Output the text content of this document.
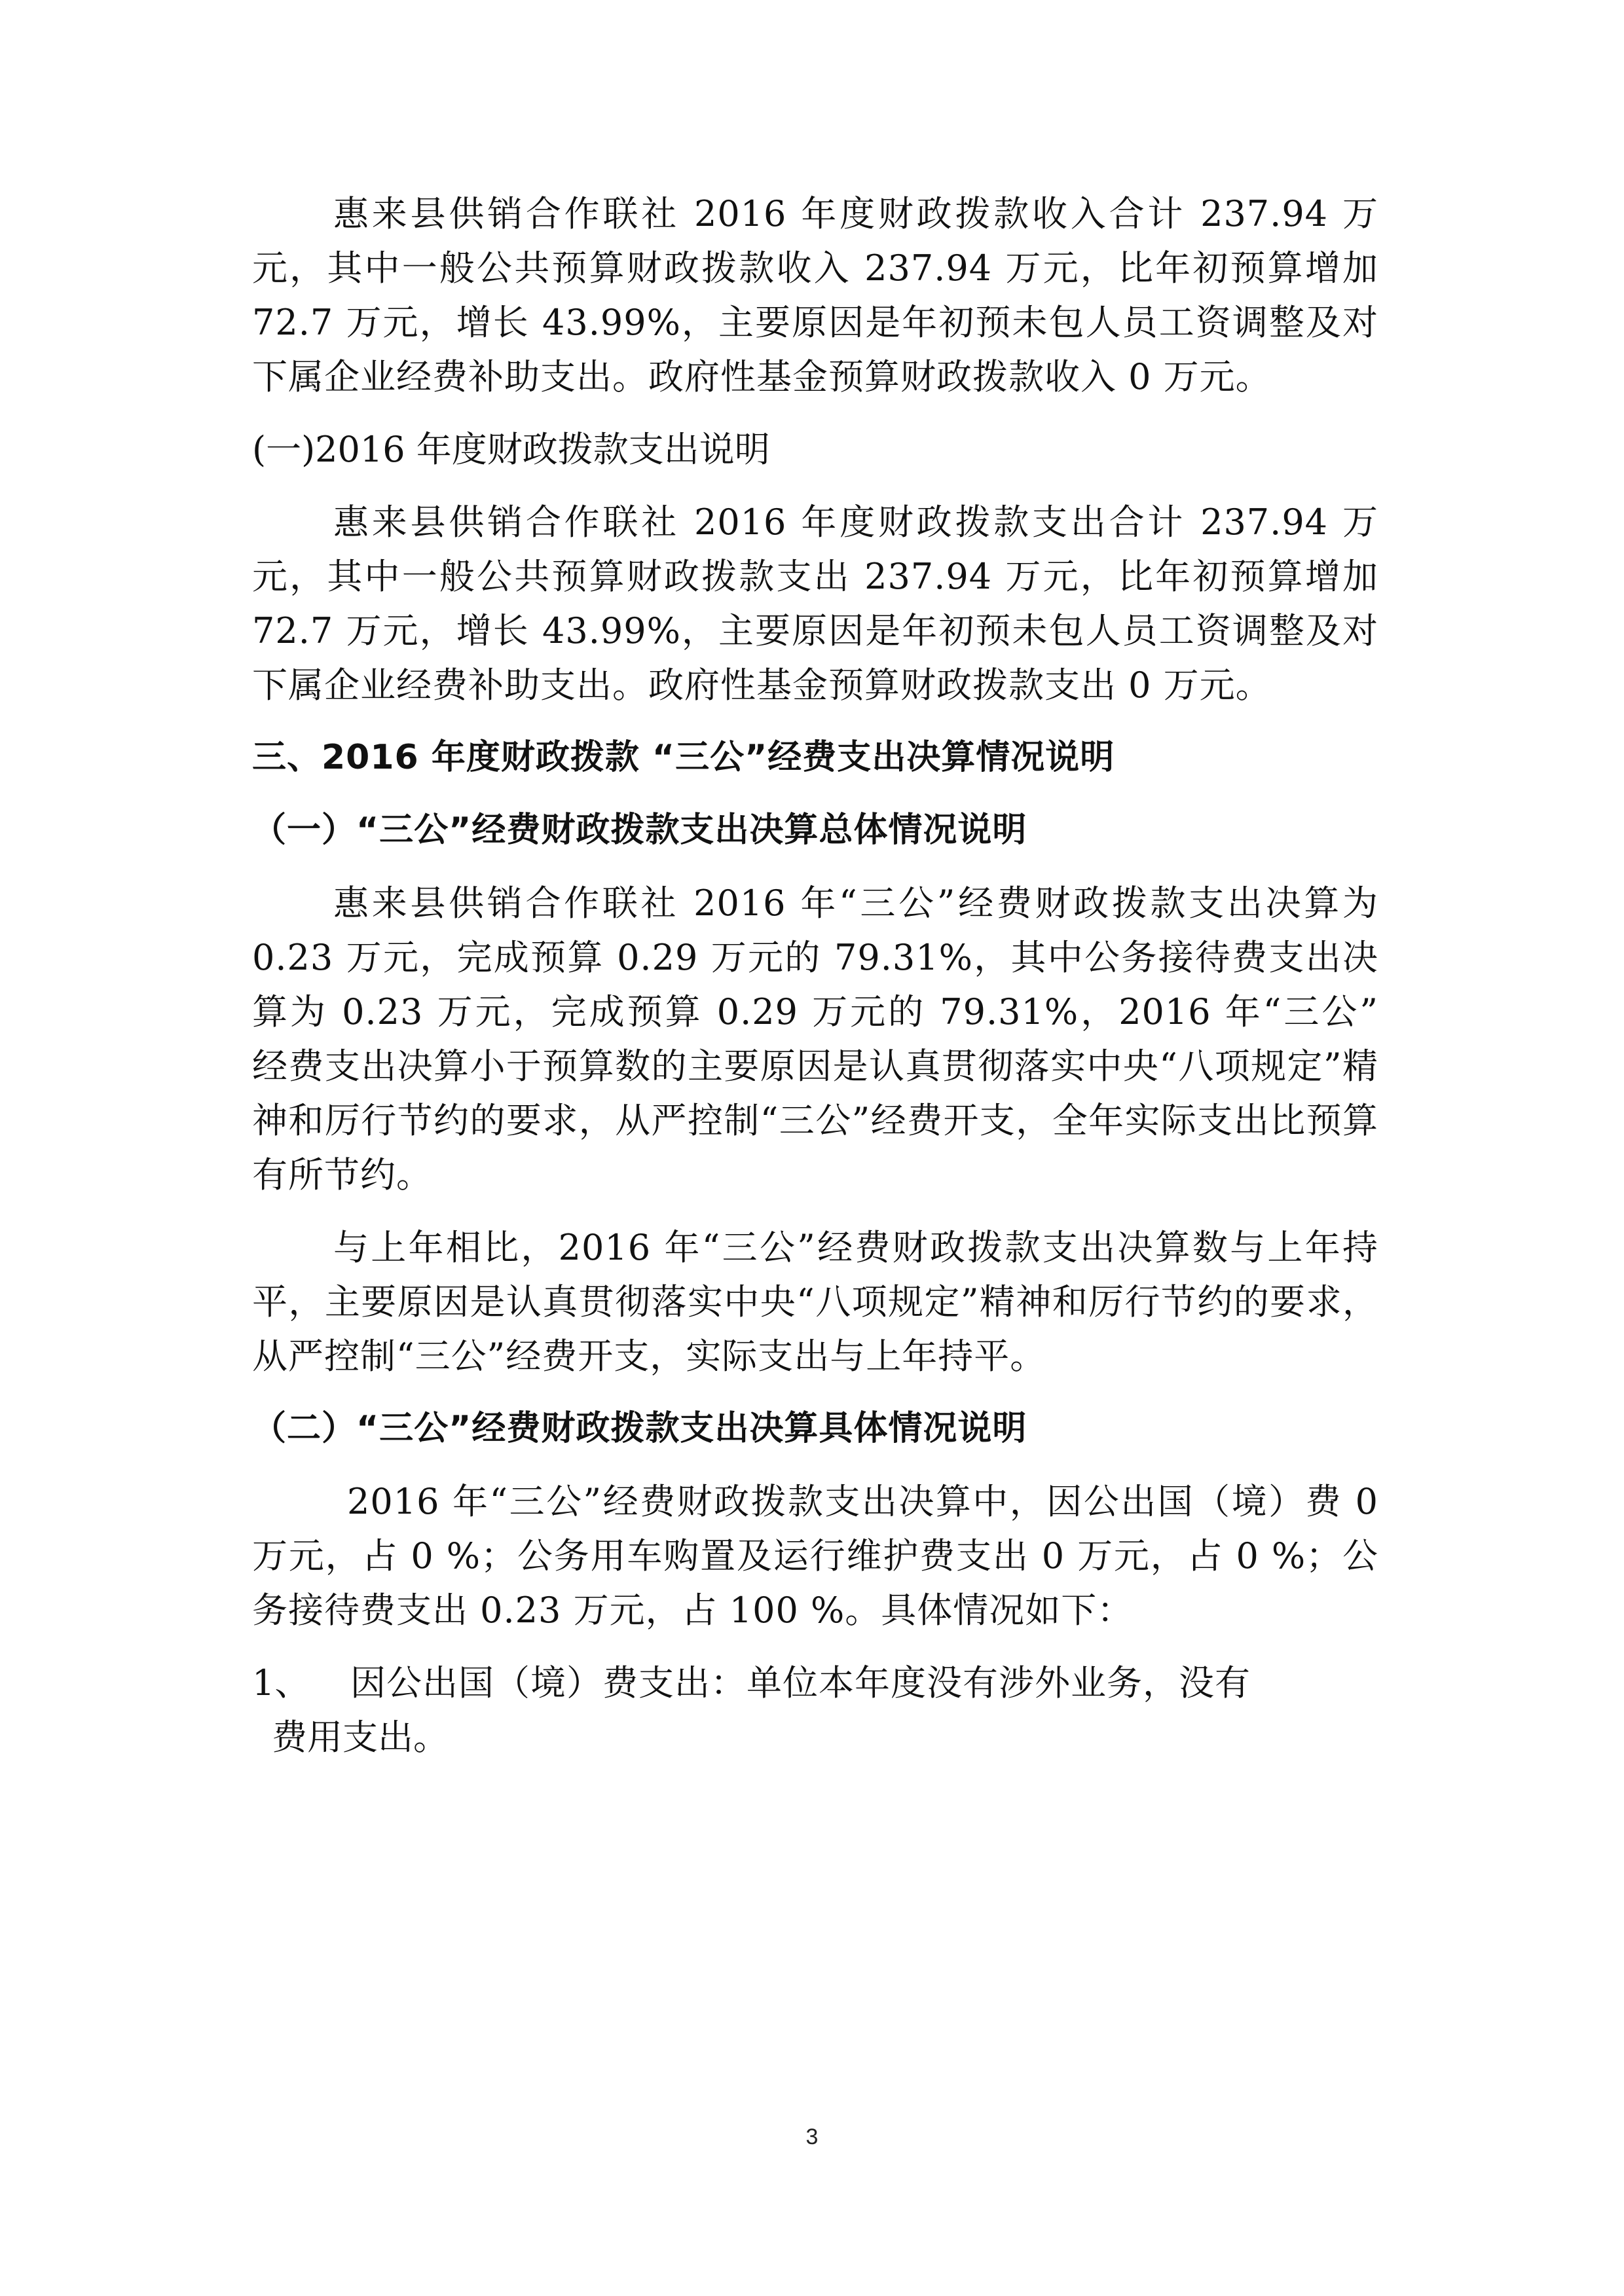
惠来县供销合作联社 2016 年度财政拨款收入合计 237.94 万元，其中一般公共预算财政拨款收入 237.94 万元，比年初预算增加 72.7 万元，增长 43.99%，主要原因是年初预未包人员工资调整及对下属企业经费补助支出。政府性基金预算财政拨款收入 0 万元。

(一)2016 年度财政拨款支出说明

惠来县供销合作联社 2016 年度财政拨款支出合计 237.94 万元，其中一般公共预算财政拨款支出 237.94 万元，比年初预算增加 72.7 万元，增长 43.99%，主要原因是年初预未包人员工资调整及对下属企业经费补助支出。政府性基金预算财政拨款支出 0 万元。

三、2016 年度财政拨款 “三公”经费支出决算情况说明

（一）“三公”经费财政拨款支出决算总体情况说明

惠来县供销合作联社 2016 年“三公”经费财政拨款支出决算为 0.23 万元，完成预算 0.29 万元的 79.31%，其中公务接待费支出决算为 0.23 万元，完成预算 0.29 万元的 79.31%，2016 年“三公” 经费支出决算小于预算数的主要原因是认真贯彻落实中央“八项规定”精神和厉行节约的要求，从严控制“三公”经费开支，全年实际支出比预算有所节约。

与上年相比，2016 年“三公”经费财政拨款支出决算数与上年持平，主要原因是认真贯彻落实中央“八项规定”精神和厉行节约的要求，从严控制“三公”经费开支，实际支出与上年持平。

（二）“三公”经费财政拨款支出决算具体情况说明

2016 年“三公”经费财政拨款支出决算中，因公出国（境）费 0 万元，占 0 %；公务用车购置及运行维护费支出 0 万元，占 0 %；公务接待费支出 0.23 万元，占 100 %。具体情况如下：

1、	因公出国（境）费支出：单位本年度没有涉外业务，没有
费用支出。
3
